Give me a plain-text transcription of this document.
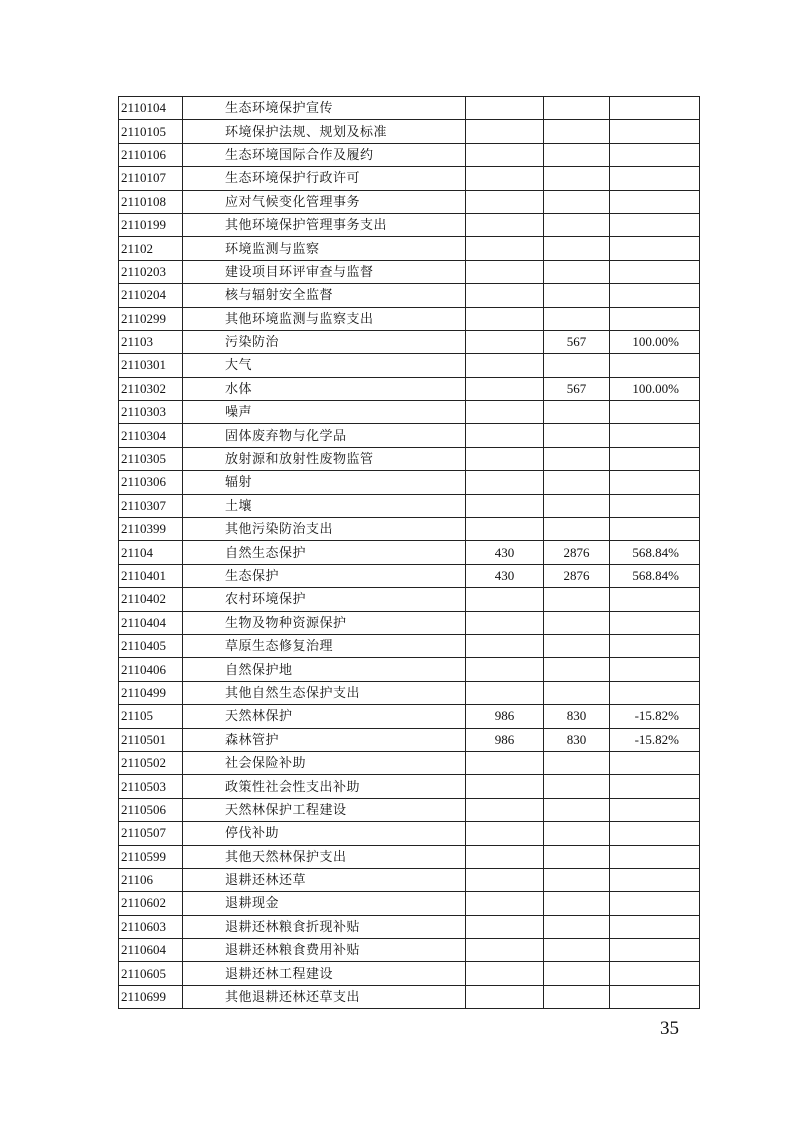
2110104	生态环境保护宣传			
2110105	环境保护法规、规划及标准			
2110106	生态环境国际合作及履约			
2110107	生态环境保护行政许可			
2110108	应对气候变化管理事务			
2110199	其他环境保护管理事务支出			
21102	环境监测与监察			
2110203	建设项目环评审查与监督			
2110204	核与辐射安全监督			
2110299	其他环境监测与监察支出			
21103	污染防治		567	100.00%
2110301	大气			
2110302	水体		567	100.00%
2110303	噪声			
2110304	固体废弃物与化学品			
2110305	放射源和放射性废物监管			
2110306	辐射			
2110307	土壤			
2110399	其他污染防治支出			
21104	自然生态保护	430	2876	568.84%
2110401	生态保护	430	2876	568.84%
2110402	农村环境保护			
2110404	生物及物种资源保护			
2110405	草原生态修复治理			
2110406	自然保护地			
2110499	其他自然生态保护支出			
21105	天然林保护	986	830	-15.82%
2110501	森林管护	986	830	-15.82%
2110502	社会保险补助			
2110503	政策性社会性支出补助			
2110506	天然林保护工程建设			
2110507	停伐补助			
2110599	其他天然林保护支出			
21106	退耕还林还草			
2110602	退耕现金			
2110603	退耕还林粮食折现补贴			
2110604	退耕还林粮食费用补贴			
2110605	退耕还林工程建设			
2110699	其他退耕还林还草支出			
35
